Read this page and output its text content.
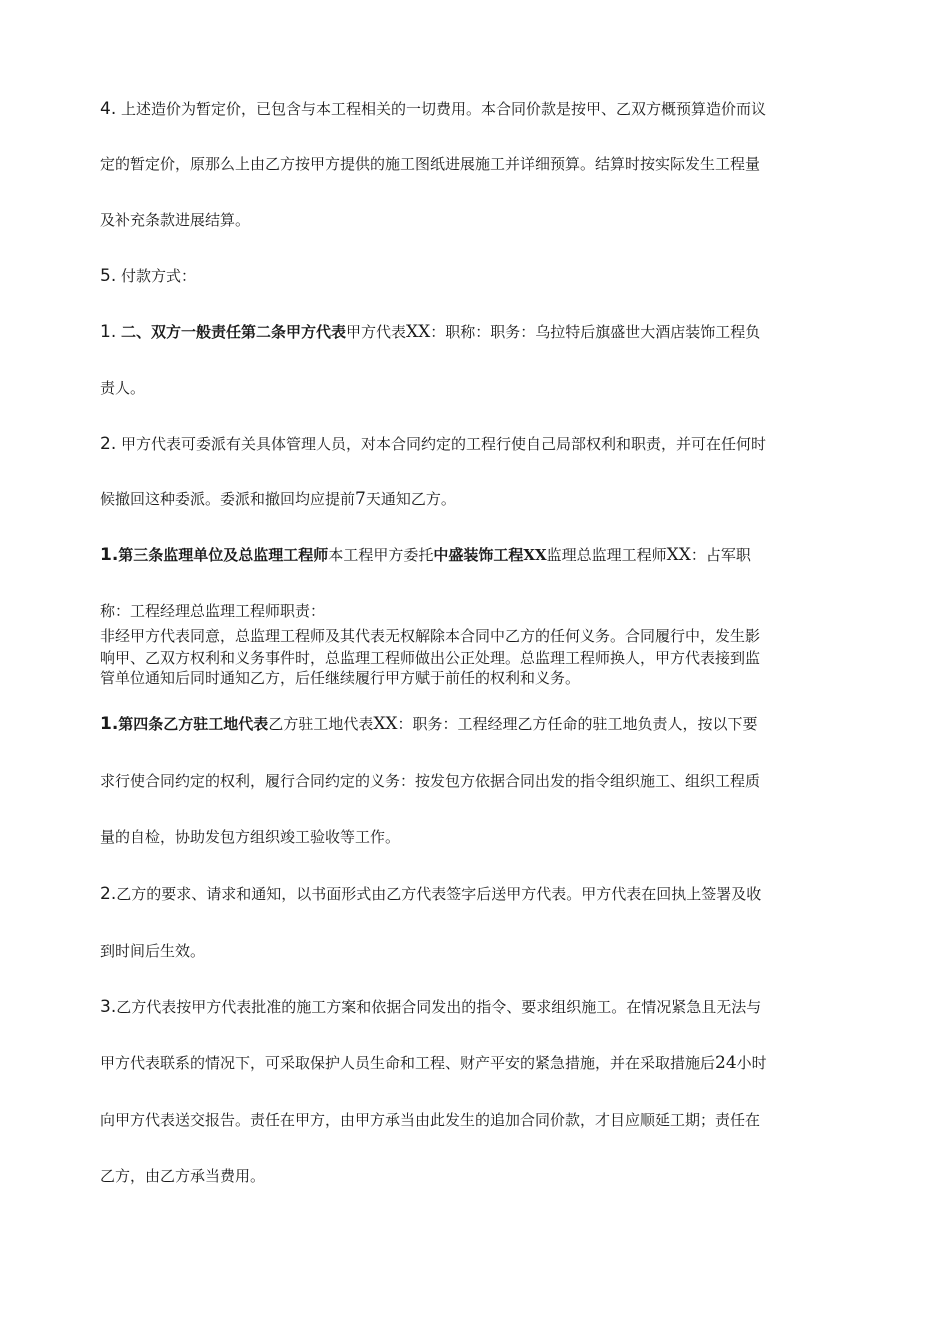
4. 上述造价为暂定价，已包含与本工程相关的一切费用。本合同价款是按甲、乙双方概预算造价而议
定的暂定价，原那么上由乙方按甲方提供的施工图纸进展施工并详细预算。结算时按实际发生工程量
及补充条款进展结算。
5. 付款方式：
1. 二、双方一般责任第二条甲方代表甲方代表XX：职称：职务：乌拉特后旗盛世大酒店装饰工程负
责人。
2. 甲方代表可委派有关具体管理人员，对本合同约定的工程行使自己局部权利和职责，并可在任何时
候撤回这种委派。委派和撤回均应提前7天通知乙方。
1.第三条监理单位及总监理工程师本工程甲方委托中盛装饰工程XX监理总监理工程师XX：占军职
称：工程经理总监理工程师职责：
非经甲方代表同意，总监理工程师及其代表无权解除本合同中乙方的任何义务。合同履行中，发生影
响甲、乙双方权利和义务事件时，总监理工程师做出公正处理。总监理工程师换人，甲方代表接到监
管单位通知后同时通知乙方，后任继续履行甲方赋于前任的权利和义务。
1.第四条乙方驻工地代表乙方驻工地代表XX：职务：工程经理乙方任命的驻工地负责人，按以下要
求行使合同约定的权利，履行合同约定的义务：按发包方依据合同出发的指令组织施工、组织工程质
量的自检，协助发包方组织竣工验收等工作。
2.乙方的要求、请求和通知，以书面形式由乙方代表签字后送甲方代表。甲方代表在回执上签署及收
到时间后生效。
3.乙方代表按甲方代表批准的施工方案和依据合同发出的指令、要求组织施工。在情况紧急且无法与
甲方代表联系的情况下，可采取保护人员生命和工程、财产平安的紧急措施，并在采取措施后24小时
向甲方代表送交报告。责任在甲方，由甲方承当由此发生的追加合同价款，才目应顺延工期；责任在
乙方，由乙方承当费用。
